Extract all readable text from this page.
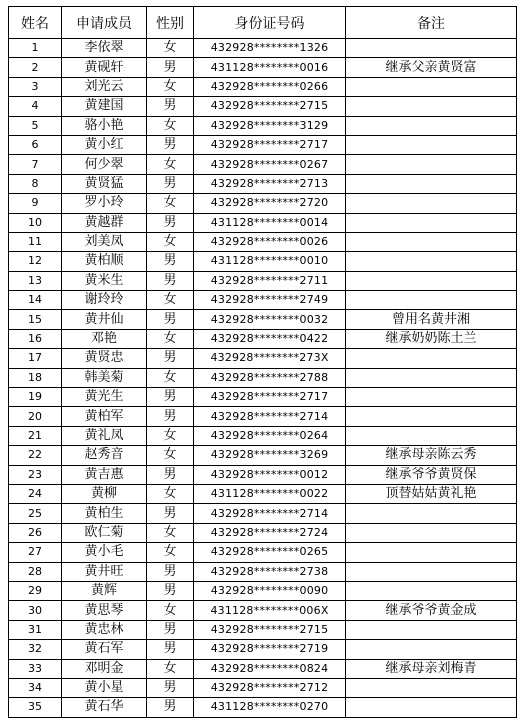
姓名	申请成员	性别	身份证号码	备注
1	李依翠	女	432928********1326	
2	黄砚轩	男	431128********0016	继承父亲黄贤富
3	刘光云	女	432928********0266	
4	黄建国	男	432928********2715	
5	骆小艳	女	432928********3129	
6	黄小红	男	432928********2717	
7	何少翠	女	432928********0267	
8	黄贤猛	男	432928********2713	
9	罗小玲	女	432928********2720	
10	黄越群	男	431128********0014	
11	刘美凤	女	432928********0026	
12	黄柏顺	男	431128********0010	
13	黄米生	男	432928********2711	
14	谢玲玲	女	432928********2749	
15	黄井仙	男	432928********0032	曾用名黄井湘
16	邓艳	女	432928********0422	继承奶奶陈土兰
17	黄贤忠	男	432928********273X	
18	韩美菊	女	432928********2788	
19	黄光生	男	432928********2717	
20	黄柏军	男	432928********2714	
21	黄礼凤	女	432928********0264	
22	赵秀音	女	432928********3269	继承母亲陈云秀
23	黄吉惠	男	432928********0012	继承爷爷黄贤保
24	黄柳	女	431128********0022	顶替姑姑黄礼艳
25	黄柏生	男	432928********2714	
26	欧仁菊	女	432928********2724	
27	黄小毛	女	432928********0265	
28	黄井旺	男	432928********2738	
29	黄辉	男	432928********0090	
30	黄思琴	女	431128********006X	继承爷爷黄金成
31	黄忠林	男	432928********2715	
32	黄石军	男	432928********2719	
33	邓明金	女	432928********0824	继承母亲刘梅青
34	黄小星	男	432928********2712	
35	黄石华	男	431128********0270	
